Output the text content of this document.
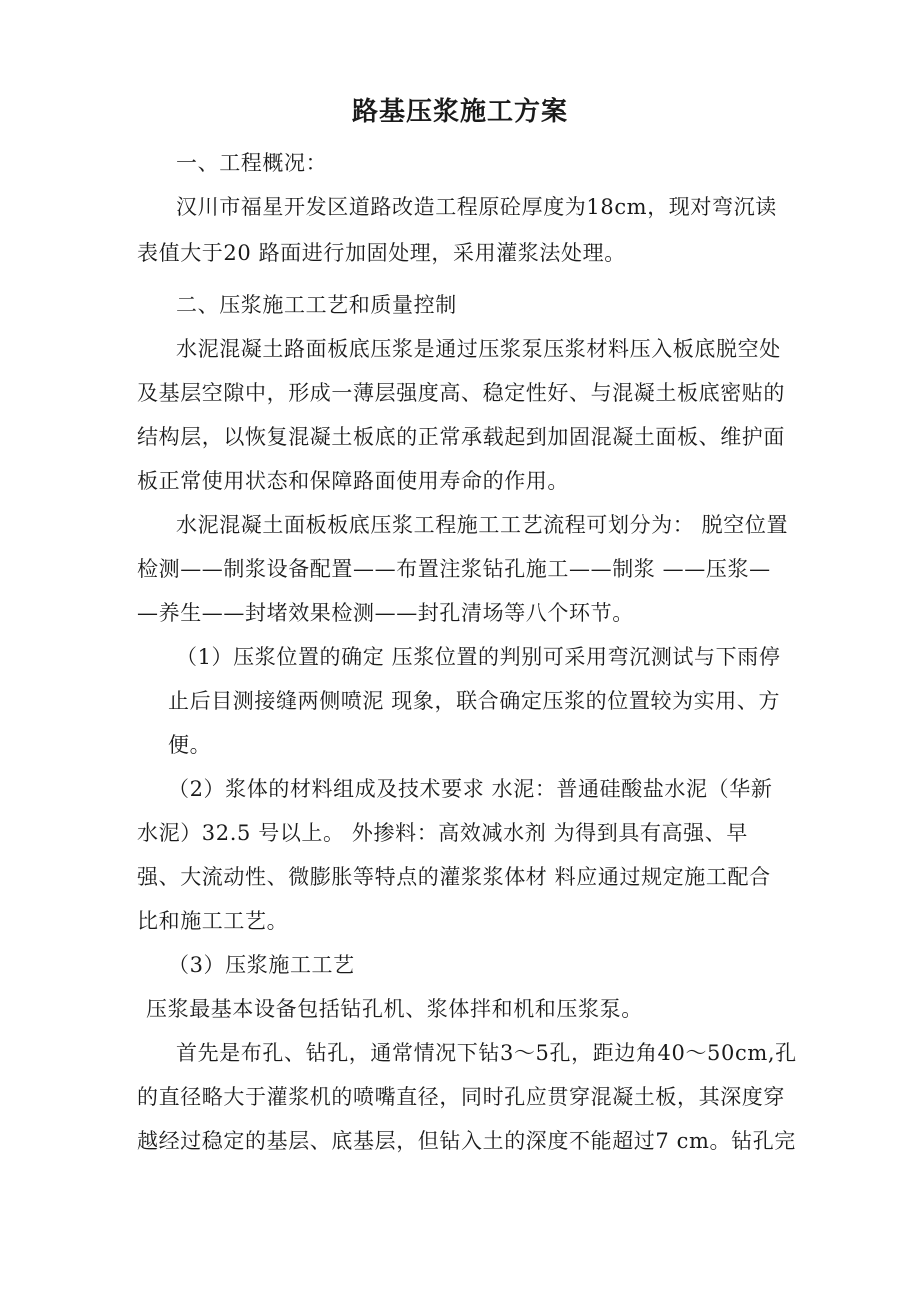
路基压浆施工方案
一、工程概况：
汉川市福星开发区道路改造工程原砼厚度为18cm，现对弯沉读
表值大于20 路面进行加固处理，采用灌浆法处理。
二、压浆施工工艺和质量控制
水泥混凝土路面板底压浆是通过压浆泵压浆材料压入板底脱空处
及基层空隙中，形成一薄层强度高、稳定性好、与混凝土板底密贴的
结构层，以恢复混凝土板底的正常承载起到加固混凝土面板、维护面
板正常使用状态和保障路面使用寿命的作用。
水泥混凝土面板板底压浆工程施工工艺流程可划分为： 脱空位置
检测——制浆设备配置——布置注浆钻孔施工——制浆 ——压浆—
—养生——封堵效果检测——封孔清场等八个环节。
（1）压浆位置的确定 压浆位置的判别可采用弯沉测试与下雨停
止后目测接缝两侧喷泥 现象，联合确定压浆的位置较为实用、方
便。
（2）浆体的材料组成及技术要求 水泥：普通硅酸盐水泥（华新
水泥）32.5 号以上。 外掺料：高效减水剂 为得到具有高强、早
强、大流动性、微膨胀等特点的灌浆浆体材 料应通过规定施工配合
比和施工工艺。
（3）压浆施工工艺
压浆最基本设备包括钻孔机、浆体拌和机和压浆泵。
首先是布孔、钻孔，通常情况下钻3～5孔，距边角40～50cm,孔
的直径略大于灌浆机的喷嘴直径，同时孔应贯穿混凝土板，其深度穿
越经过稳定的基层、底基层，但钻入土的深度不能超过7 cm。钻孔完
